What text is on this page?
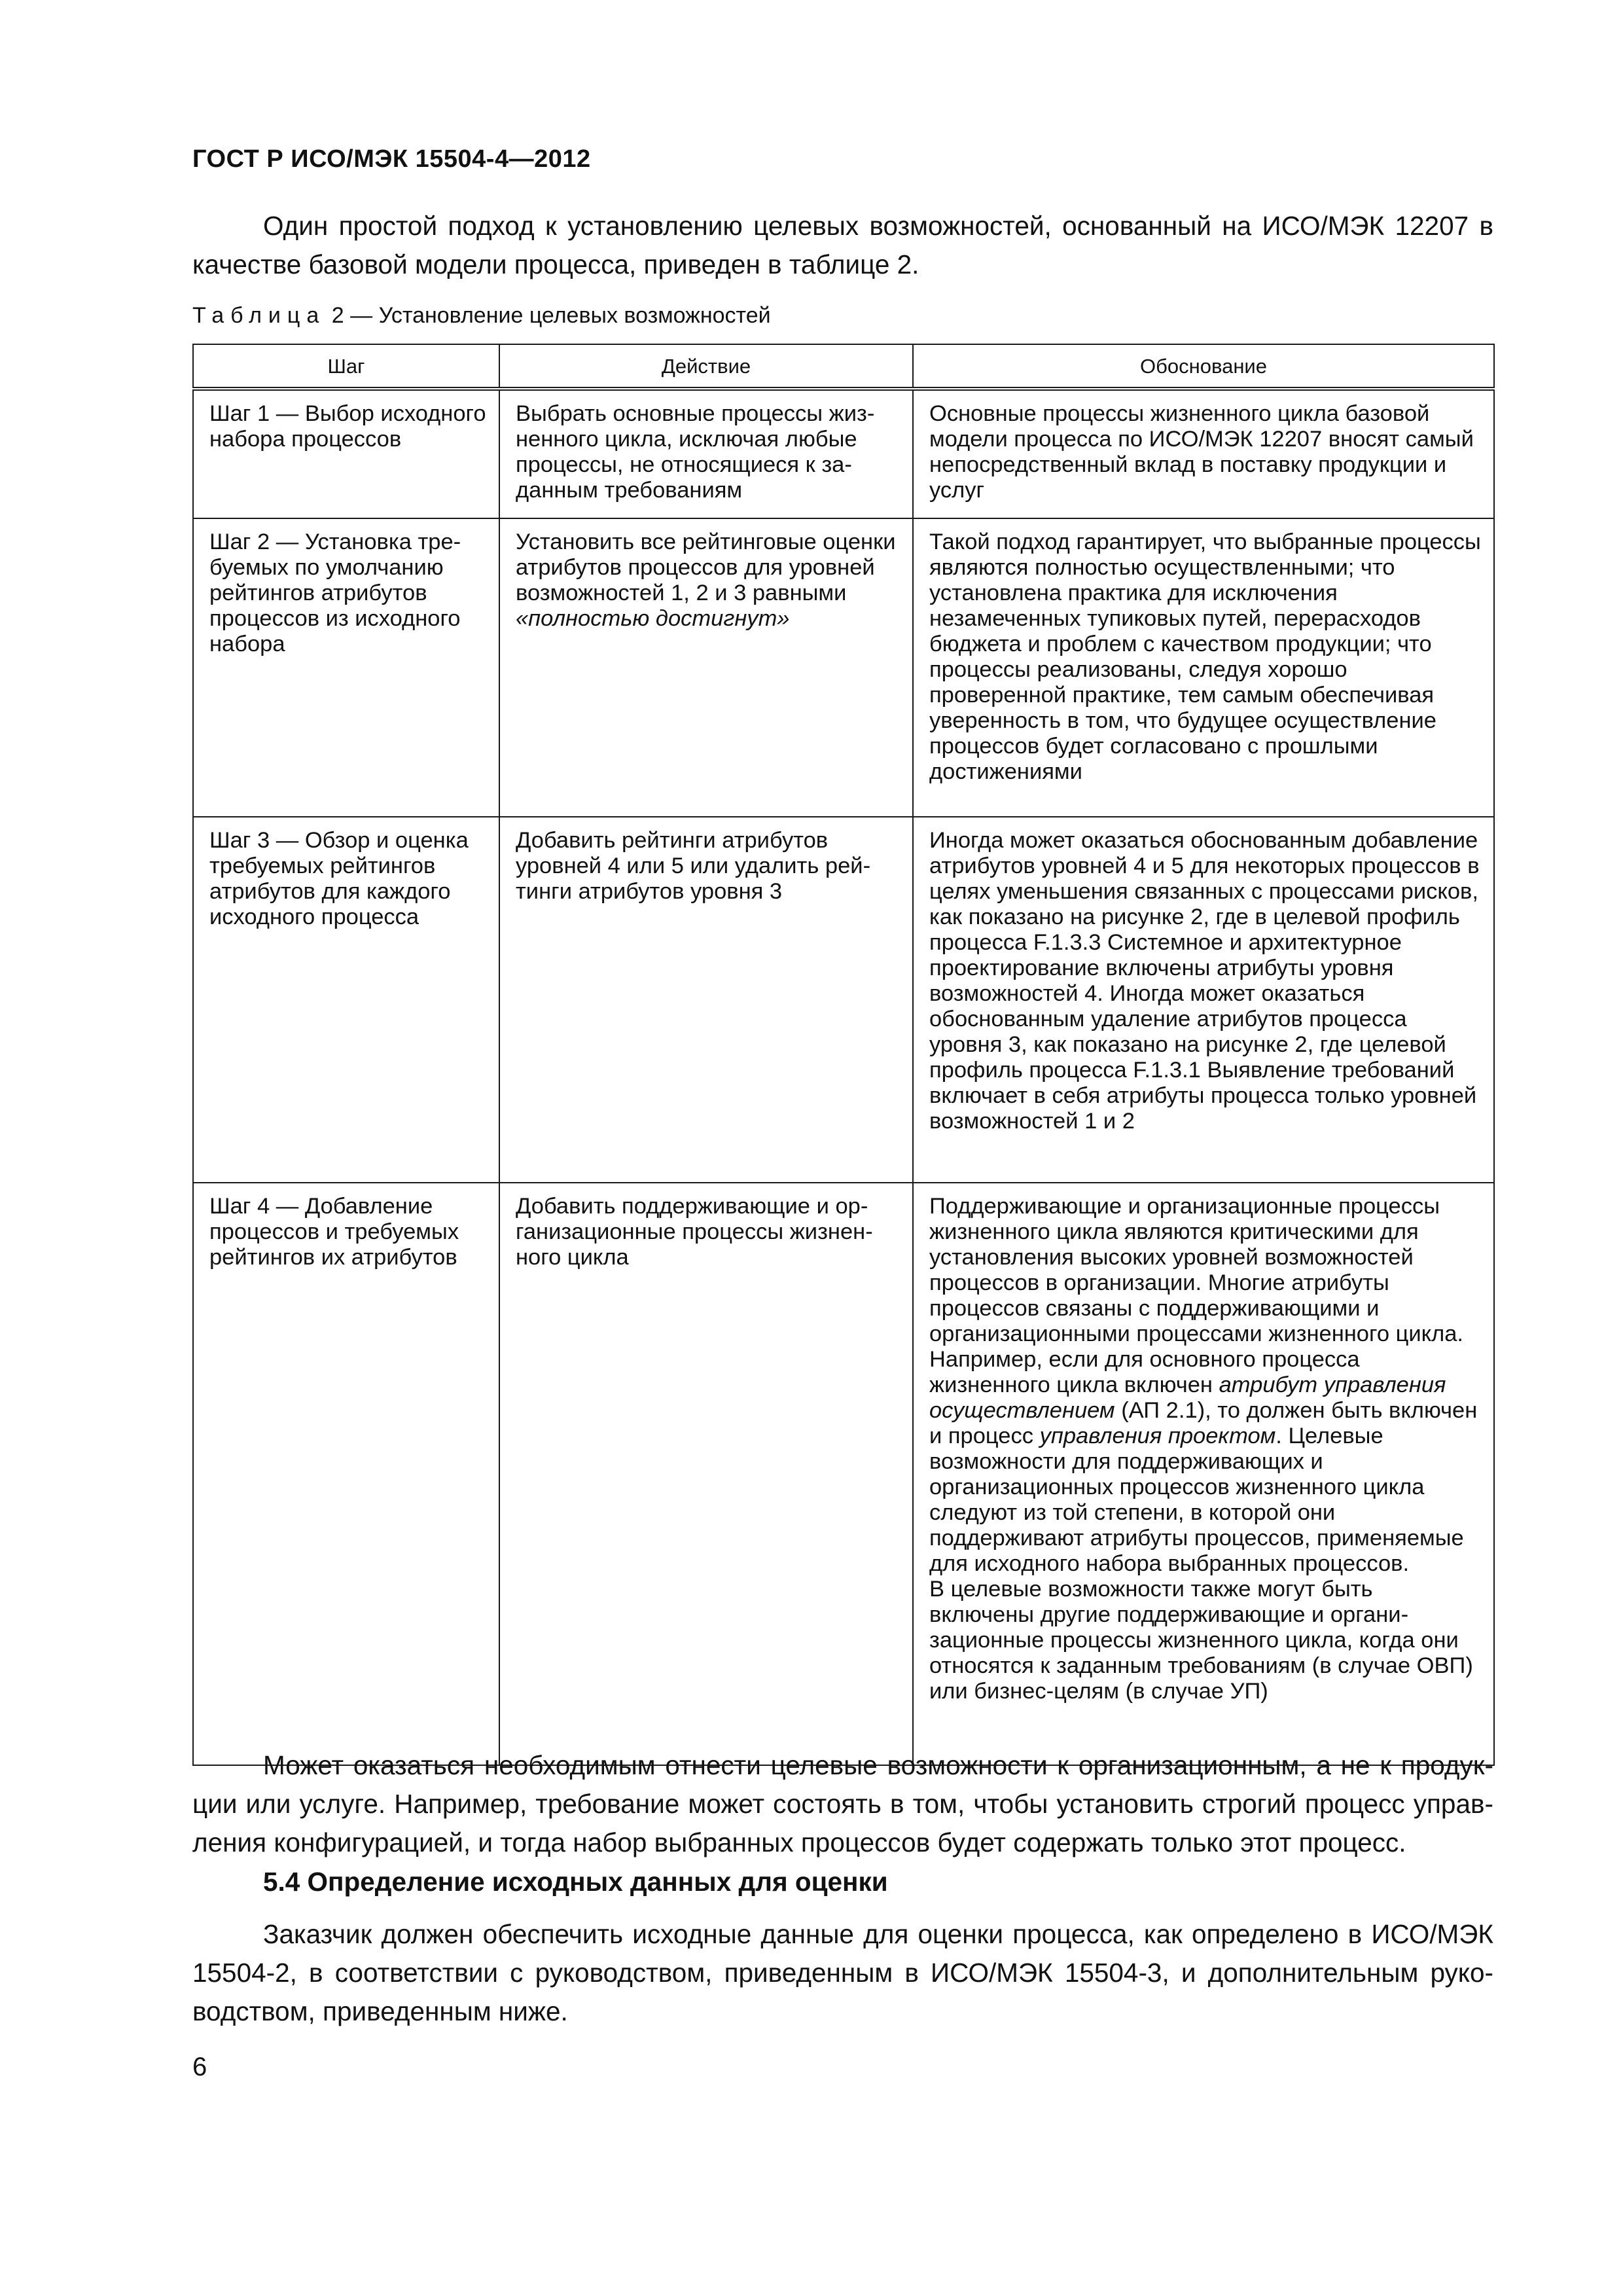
ГОСТ Р ИСО/МЭК 15504-4—2012

Один простой подход к установлению целевых возможностей, основанный на ИСО/МЭК 12207 в качестве базовой модели процесса, приведен в таблице 2.

Таблица 2 — Установление целевых возможностей
Шаг	Действие	Обоснование
Шаг 1 — Выбор исходного набора процессов	Выбрать основные процессы жизненного цикла, исключая любые процессы, не относящиеся к заданным требованиям	Основные процессы жизненного цикла базовой модели процесса по ИСО/МЭК 12207 вносят самый непосредственный вклад в поставку продукции и услуг
Шаг 2 — Установка требуемых по умолчанию рейтингов атрибутов процессов из исходного набора	Установить все рейтинговые оценки атрибутов процессов для уровней возможностей 1, 2 и 3 равными «полностью достигнут»	Такой подход гарантирует, что выбранные процессы являются полностью осуществленными; что установлена практика для исключения незамеченных тупиковых путей, перерасходов бюджета и проблем с качеством продукции; что процессы реализованы, следуя хорошо проверенной практике, тем самым обеспечивая уверенность в том, что будущее осуществление процессов будет согласовано с прошлыми достижениями
Шаг 3 — Обзор и оценка требуемых рейтингов атрибутов для каждого исходного процесса	Добавить рейтинги атрибутов уровней 4 или 5 или удалить рейтинги атрибутов уровня 3	Иногда может оказаться обоснованным добавление атрибутов уровней 4 и 5 для некоторых процессов в целях уменьшения связанных с процессами рисков, как показано на рисунке 2, где в целевой профиль процесса F.1.3.3 Системное и архитектурное проектирование включены атрибуты уровня возможностей 4. Иногда может оказаться обоснованным удаление атрибутов процесса уровня 3, как показано на рисунке 2, где целевой профиль процесса F.1.3.1 Выявление требований включает в себя атрибуты процесса только уровней возможностей 1 и 2
Шаг 4 — Добавление процессов и требуемых рейтингов их атрибутов	Добавить поддерживающие и организационные процессы жизненного цикла	Поддерживающие и организационные процессы жизненного цикла являются критическими для установления высоких уровней возможностей процессов в организации. Многие атрибуты процессов связаны с поддерживающими и организационными процессами жизненного цикла. Например, если для основного процесса жизненного цикла включен атрибут управления осуществлением (АП 2.1), то должен быть включен и процесс управления проектом. Целевые возможности для поддерживающих и организационных процессов жизненного цикла следуют из той степени, в которой они поддерживают атрибуты процессов, применяемые для исходного набора выбранных процессов.
В целевые возможности также могут быть включены другие поддерживающие и организационные процессы жизненного цикла, когда они относятся к заданным требованиям (в случае ОВП) или бизнес-целям (в случае УП)

Может оказаться необходимым отнести целевые возможности к организационным, а не к продукции или услуге. Например, требование может состоять в том, чтобы установить строгий процесс управления конфигурацией, и тогда набор выбранных процессов будет содержать только этот процесс.

5.4 Определение исходных данных для оценки

Заказчик должен обеспечить исходные данные для оценки процесса, как определено в ИСО/МЭК 15504-2, в соответствии с руководством, приведенным в ИСО/МЭК 15504-3, и дополнительным руководством, приведенным ниже.

6
